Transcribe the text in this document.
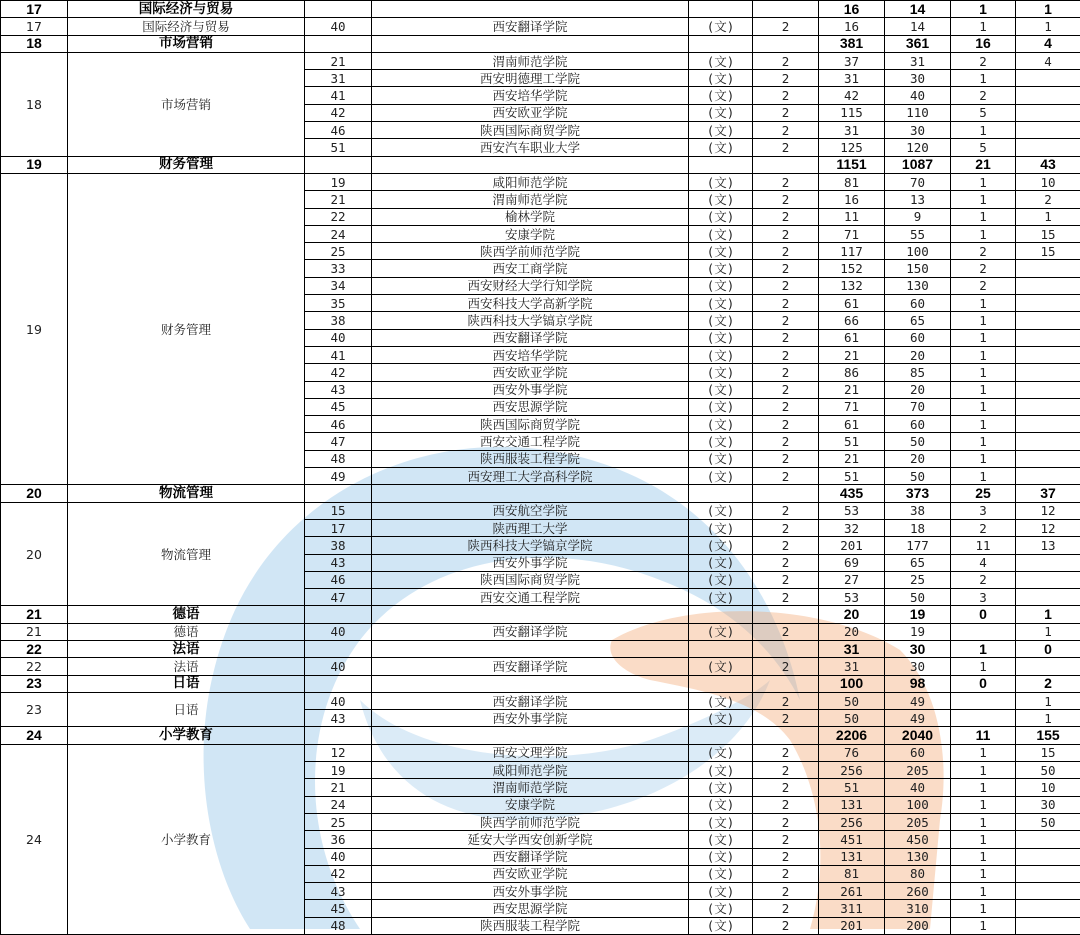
17	国际经济与贸易					16	14	1	1
17	国际经济与贸易	40	西安翻译学院	(文)	2	16	14	1	1
18	市场营销					381	361	16	4
18	市场营销	21	渭南师范学院	(文)	2	37	31	2	4
		31	西安明德理工学院	(文)	2	31	30	1	
		41	西安培华学院	(文)	2	42	40	2	
		42	西安欧亚学院	(文)	2	115	110	5	
		46	陕西国际商贸学院	(文)	2	31	30	1	
		51	西安汽车职业大学	(文)	2	125	120	5	
19	财务管理					1151	1087	21	43
19	财务管理	19	咸阳师范学院	(文)	2	81	70	1	10
		21	渭南师范学院	(文)	2	16	13	1	2
		22	榆林学院	(文)	2	11	9	1	1
		24	安康学院	(文)	2	71	55	1	15
		25	陕西学前师范学院	(文)	2	117	100	2	15
		33	西安工商学院	(文)	2	152	150	2	
		34	西安财经大学行知学院	(文)	2	132	130	2	
		35	西安科技大学高新学院	(文)	2	61	60	1	
		38	陕西科技大学镐京学院	(文)	2	66	65	1	
		40	西安翻译学院	(文)	2	61	60	1	
		41	西安培华学院	(文)	2	21	20	1	
		42	西安欧亚学院	(文)	2	86	85	1	
		43	西安外事学院	(文)	2	21	20	1	
		45	西安思源学院	(文)	2	71	70	1	
		46	陕西国际商贸学院	(文)	2	61	60	1	
		47	西安交通工程学院	(文)	2	51	50	1	
		48	陕西服装工程学院	(文)	2	21	20	1	
		49	西安理工大学高科学院	(文)	2	51	50	1	
20	物流管理					435	373	25	37
20	物流管理	15	西安航空学院	(文)	2	53	38	3	12
		17	陕西理工大学	(文)	2	32	18	2	12
		38	陕西科技大学镐京学院	(文)	2	201	177	11	13
		43	西安外事学院	(文)	2	69	65	4	
		46	陕西国际商贸学院	(文)	2	27	25	2	
		47	西安交通工程学院	(文)	2	53	50	3	
21	德语					20	19	0	1
21	德语	40	西安翻译学院	(文)	2	20	19		1
22	法语					31	30	1	0
22	法语	40	西安翻译学院	(文)	2	31	30	1	
23	日语					100	98	0	2
23	日语	40	西安翻译学院	(文)	2	50	49		1
		43	西安外事学院	(文)	2	50	49		1
24	小学教育					2206	2040	11	155
24	小学教育	12	西安文理学院	(文)	2	76	60	1	15
		19	咸阳师范学院	(文)	2	256	205	1	50
		21	渭南师范学院	(文)	2	51	40	1	10
		24	安康学院	(文)	2	131	100	1	30
		25	陕西学前师范学院	(文)	2	256	205	1	50
		36	延安大学西安创新学院	(文)	2	451	450	1	
		40	西安翻译学院	(文)	2	131	130	1	
		42	西安欧亚学院	(文)	2	81	80	1	
		43	西安外事学院	(文)	2	261	260	1	
		45	西安思源学院	(文)	2	311	310	1	
		48	陕西服装工程学院	(文)	2	201	200	1	
